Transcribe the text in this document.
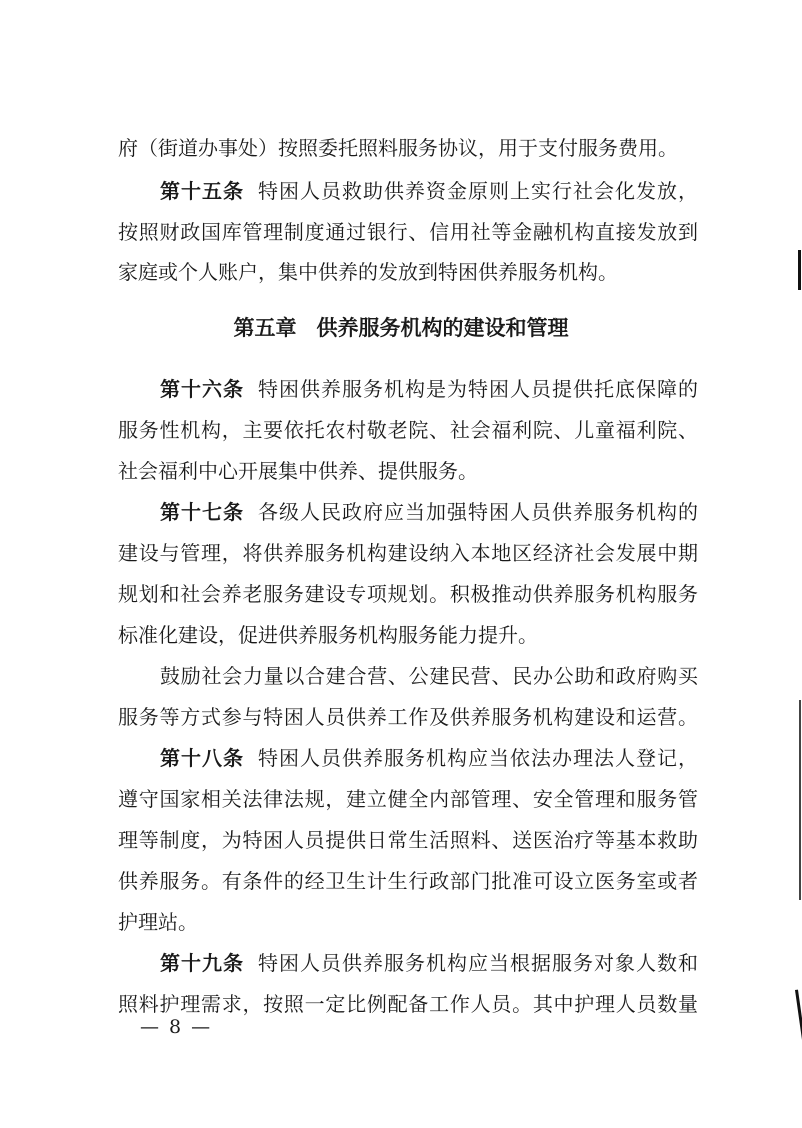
府（街道办事处）按照委托照料服务协议，用于支付服务费用。
第十五条 特困人员救助供养资金原则上实行社会化发放，
按照财政国库管理制度通过银行、信用社等金融机构直接发放到
家庭或个人账户，集中供养的发放到特困供养服务机构。
第五章 供养服务机构的建设和管理
第十六条 特困供养服务机构是为特困人员提供托底保障的
服务性机构，主要依托农村敬老院、社会福利院、儿童福利院、
社会福利中心开展集中供养、提供服务。
第十七条 各级人民政府应当加强特困人员供养服务机构的
建设与管理，将供养服务机构建设纳入本地区经济社会发展中期
规划和社会养老服务建设专项规划。积极推动供养服务机构服务
标准化建设，促进供养服务机构服务能力提升。
鼓励社会力量以合建合营、公建民营、民办公助和政府购买
服务等方式参与特困人员供养工作及供养服务机构建设和运营。
第十八条 特困人员供养服务机构应当依法办理法人登记，
遵守国家相关法律法规，建立健全内部管理、安全管理和服务管
理等制度，为特困人员提供日常生活照料、送医治疗等基本救助
供养服务。有条件的经卫生计生行政部门批准可设立医务室或者
护理站。
第十九条 特困人员供养服务机构应当根据服务对象人数和
照料护理需求，按照一定比例配备工作人员。其中护理人员数量
— 8 —
